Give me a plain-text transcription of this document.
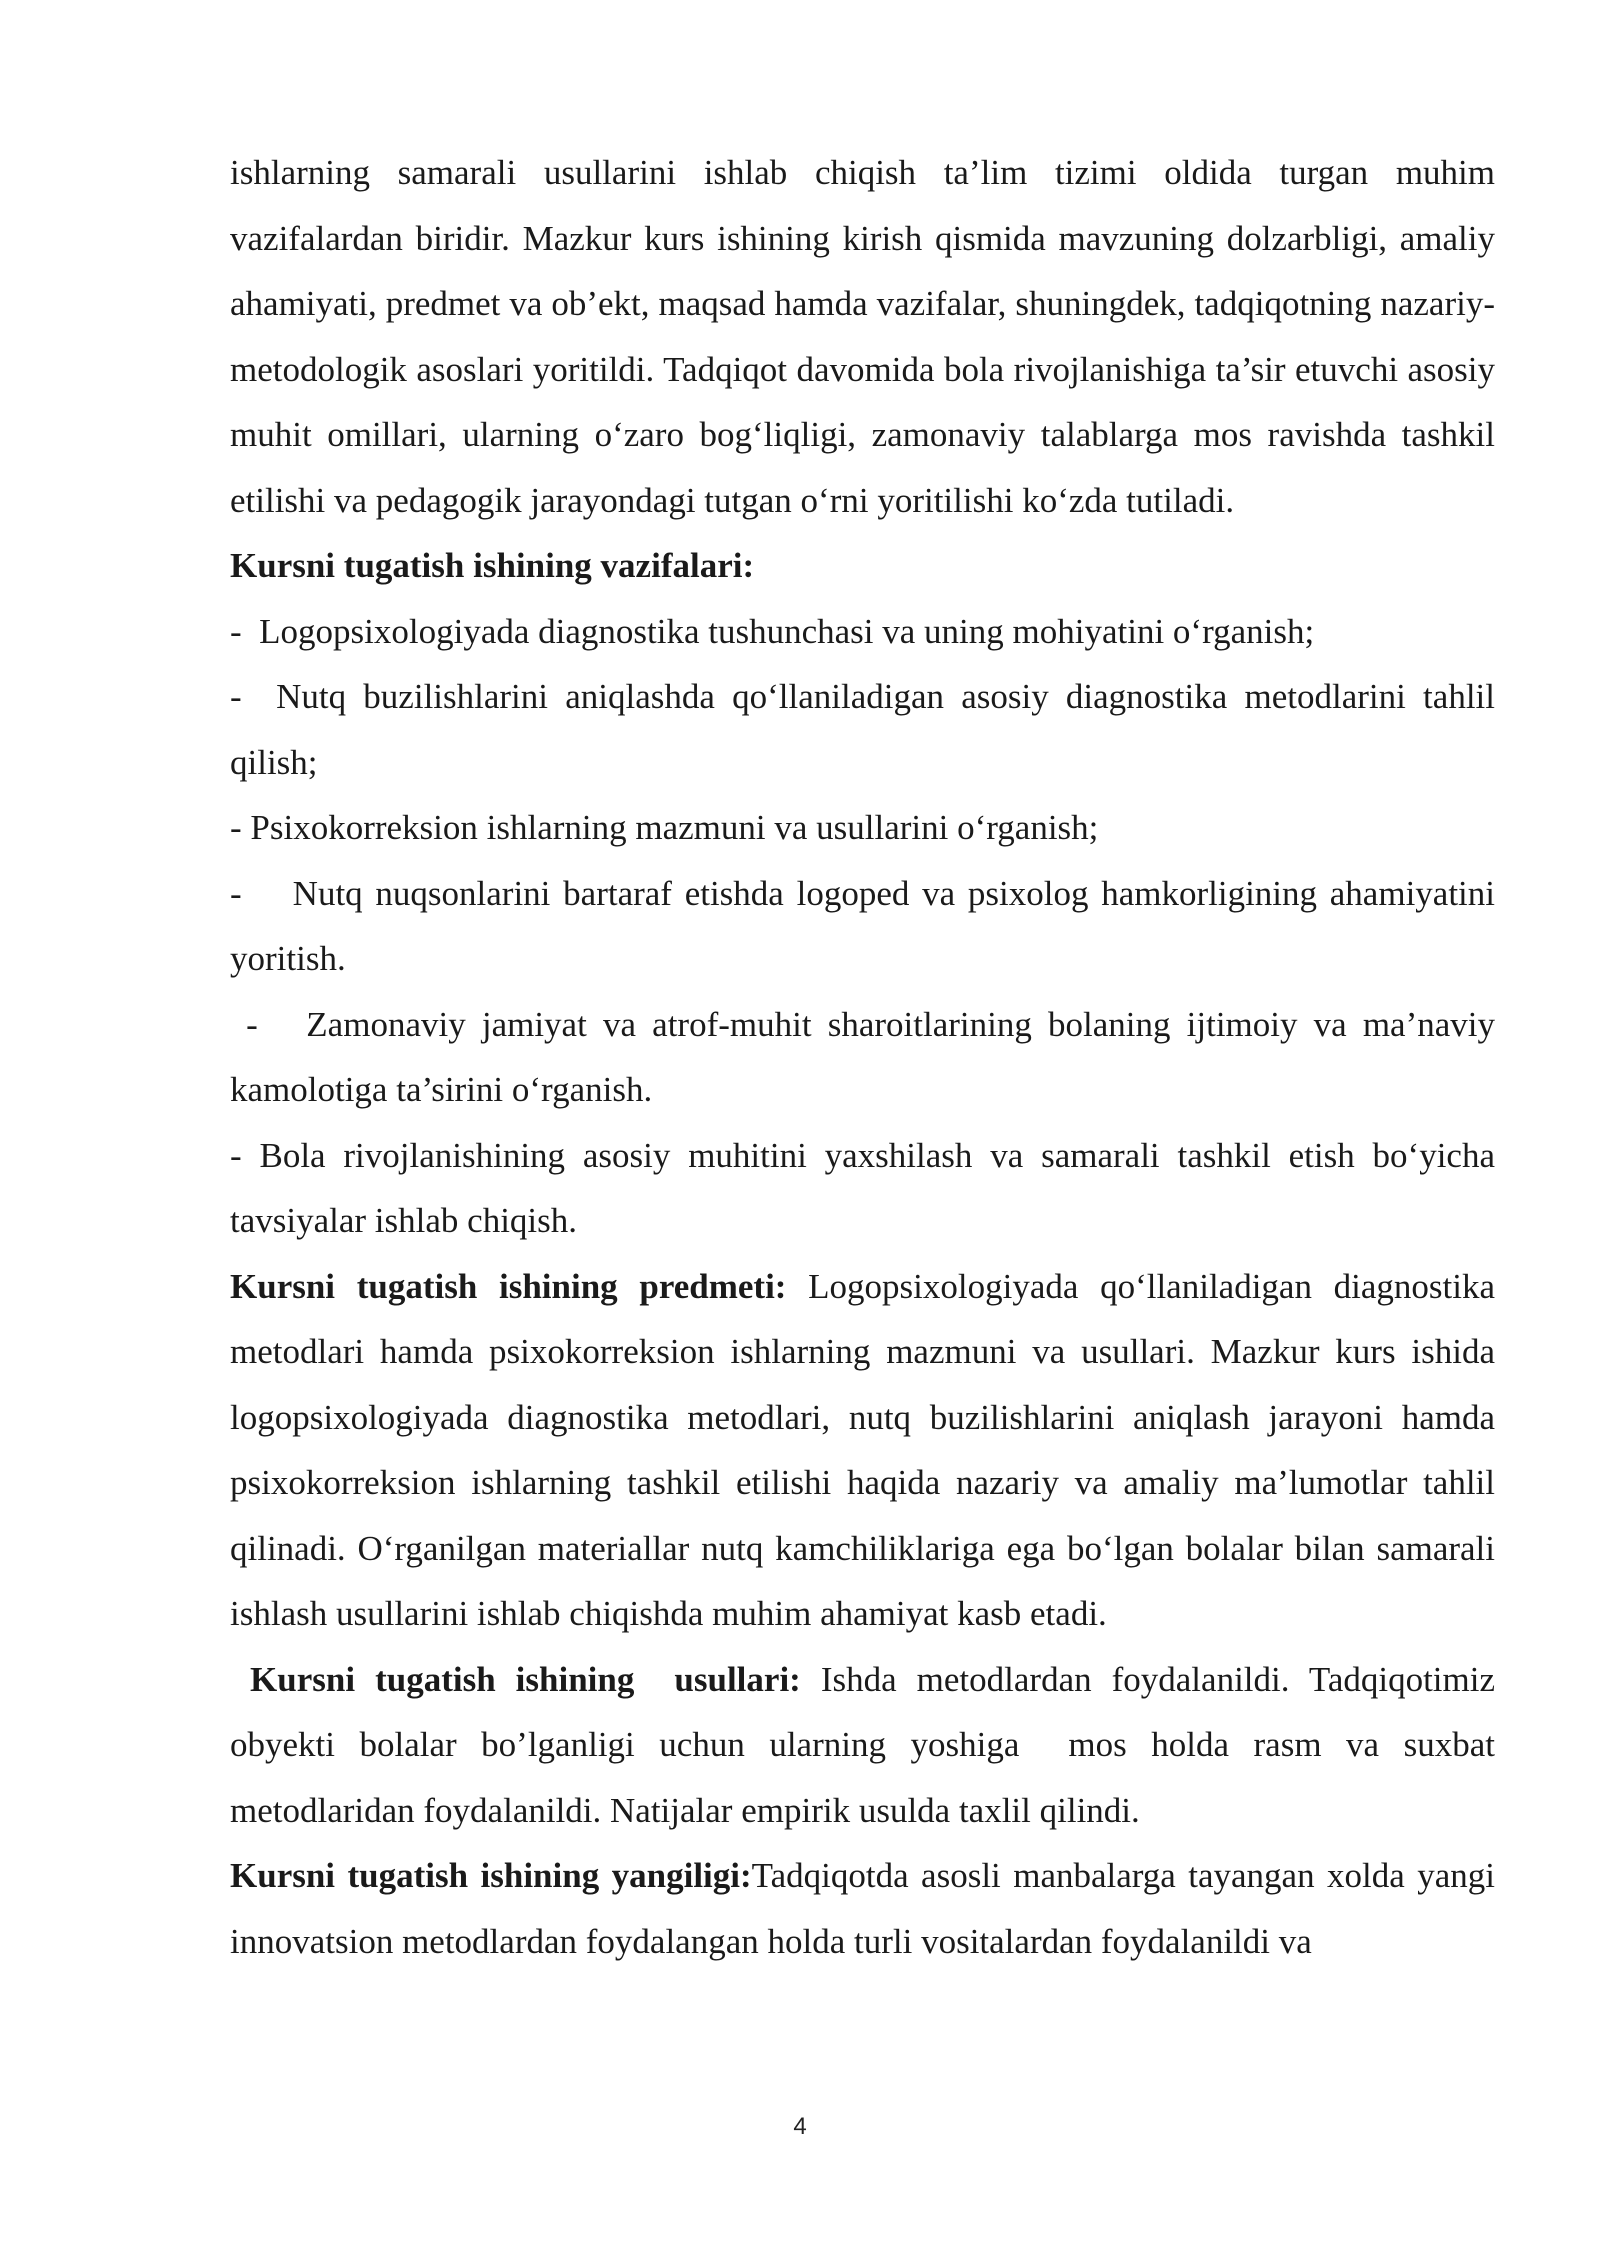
ishlarning samarali usullarini ishlab chiqish ta’lim tizimi oldida turgan muhim vazifalardan biridir. Mazkur kurs ishining kirish qismida mavzuning dolzarbligi, amaliy ahamiyati, predmet va ob’ekt, maqsad hamda vazifalar, shuningdek, tadqiqotning nazariy-metodologik asoslari yoritildi. Tadqiqot davomida bola rivojlanishiga ta’sir etuvchi asosiy muhit omillari, ularning o‘zaro bog‘liqligi, zamonaviy talablarga mos ravishda tashkil etilishi va pedagogik jarayondagi tutgan o‘rni yoritilishi ko‘zda tutiladi.

Kursni tugatish ishining vazifalari:

-  Logopsixologiyada diagnostika tushunchasi va uning mohiyatini o‘rganish;

-  Nutq buzilishlarini aniqlashda qo‘llaniladigan asosiy diagnostika metodlarini tahlil qilish;

- Psixokorreksion ishlarning mazmuni va usullarini o‘rganish;

-    Nutq nuqsonlarini bartaraf etishda logoped va psixolog hamkorligining ahamiyatini yoritish.

-   Zamonaviy jamiyat va atrof-muhit sharoitlarining bolaning ijtimoiy va ma’naviy kamolotiga ta’sirini o‘rganish.

- Bola rivojlanishining asosiy muhitini yaxshilash va samarali tashkil etish bo‘yicha tavsiyalar ishlab chiqish.

Kursni tugatish ishining predmeti: Logopsixologiyada qo‘llaniladigan diagnostika metodlari hamda psixokorreksion ishlarning mazmuni va usullari. Mazkur kurs ishida logopsixologiyada diagnostika metodlari, nutq buzilishlarini aniqlash jarayoni hamda psixokorreksion ishlarning tashkil etilishi haqida nazariy va amaliy ma’lumotlar tahlil qilinadi. O‘rganilgan materiallar nutq kamchiliklariga ega bo‘lgan bolalar bilan samarali ishlash usullarini ishlab chiqishda muhim ahamiyat kasb etadi.

Kursni tugatish ishining  usullari: Ishda metodlardan foydalanildi. Tadqiqotimiz obyekti bolalar bo’lganligi uchun ularning yoshiga  mos holda rasm va suxbat metodlaridan foydalanildi. Natijalar empirik usulda taxlil qilindi.

Kursni tugatish ishining yangiligi:Tadqiqotda asosli manbalarga tayangan xolda yangi innovatsion metodlardan foydalangan holda turli vositalardan foydalanildi va

4
